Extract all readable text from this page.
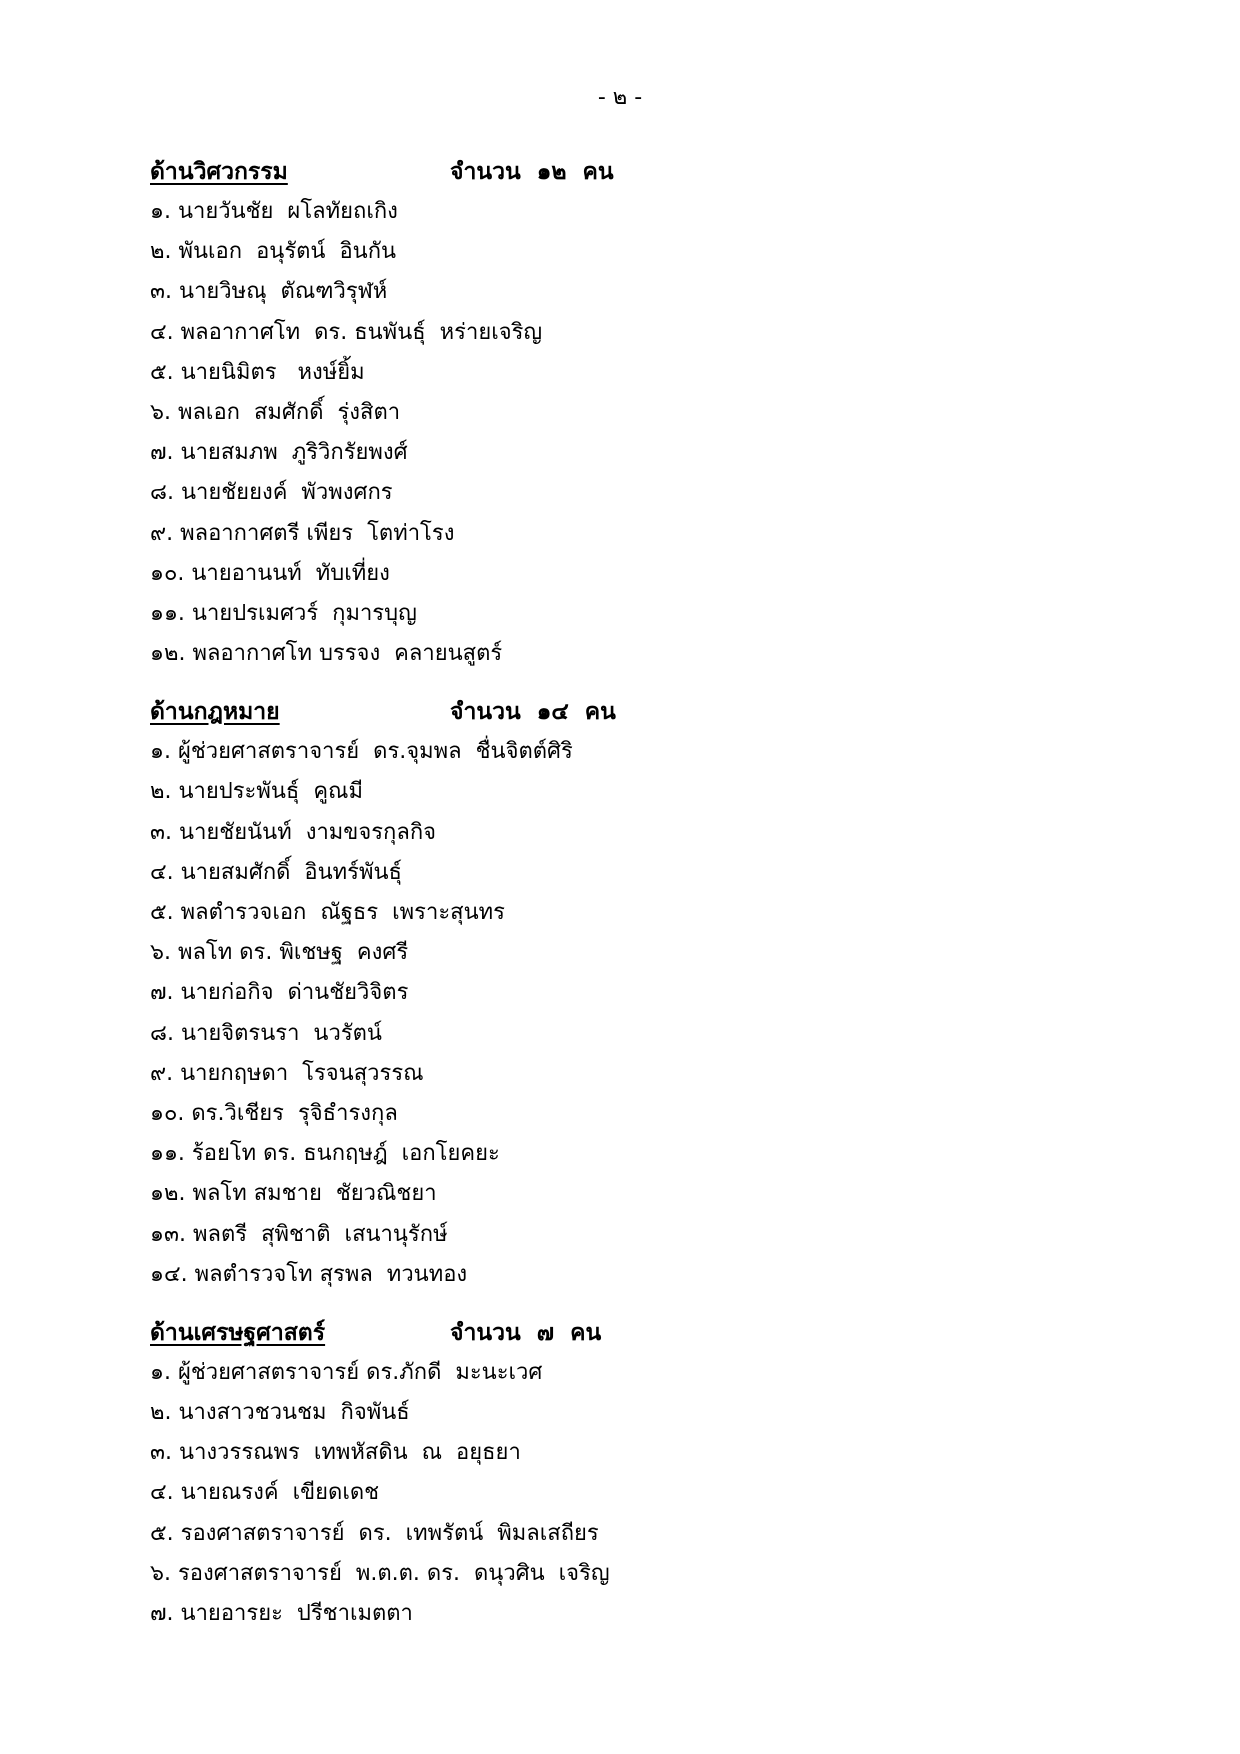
- ๒ -
ด้านวิศวกรรม	จำนวน  ๑๒  คน
๑. นายวันชัย  ผโลทัยถเกิง
๒. พันเอก  อนุรัตน์  อินกัน
๓. นายวิษณุ  ตัณฑวิรุฬห์
๔. พลอากาศโท  ดร. ธนพันธุ์  หร่ายเจริญ
๕. นายนิมิตร   หงษ์ยิ้ม
๖. พลเอก  สมศักดิ์  รุ่งสิตา
๗. นายสมภพ  ภูริวิกรัยพงศ์
๘. นายชัยยงค์  พัวพงศกร
๙. พลอากาศตรี เพียร  โตท่าโรง
๑๐. นายอานนท์  ทับเที่ยง
๑๑. นายปรเมศวร์  กุมารบุญ
๑๒. พลอากาศโท บรรจง  คลายนสูตร์
ด้านกฎหมาย	จำนวน  ๑๔  คน
๑. ผู้ช่วยศาสตราจารย์  ดร.จุมพล  ชื่นจิตต์ศิริ
๒. นายประพันธุ์  คูณมี
๓. นายชัยนันท์  งามขจรกุลกิจ
๔. นายสมศักดิ์  อินทร์พันธุ์
๕. พลตำรวจเอก  ณัฐธร  เพราะสุนทร
๖. พลโท ดร. พิเชษฐ  คงศรี
๗. นายก่อกิจ  ด่านชัยวิจิตร
๘. นายจิตรนรา  นวรัตน์
๙. นายกฤษดา  โรจนสุวรรณ
๑๐. ดร.วิเชียร  รุจิธำรงกุล
๑๑. ร้อยโท ดร. ธนกฤษฎ์  เอกโยคยะ
๑๒. พลโท สมชาย  ชัยวณิชยา
๑๓. พลตรี  สุพิชาติ  เสนานุรักษ์
๑๔. พลตำรวจโท สุรพล  ทวนทอง
ด้านเศรษฐศาสตร์	จำนวน  ๗  คน
๑. ผู้ช่วยศาสตราจารย์ ดร.ภักดี  มะนะเวศ
๒. นางสาวชวนชม  กิจพันธ์
๓. นางวรรณพร  เทพหัสดิน  ณ  อยุธยา
๔. นายณรงค์  เขียดเดช
๕. รองศาสตราจารย์  ดร.  เทพรัตน์  พิมลเสถียร
๖. รองศาสตราจารย์  พ.ต.ต. ดร.  ดนุวศิน  เจริญ
๗. นายอารยะ  ปรีชาเมตตา
